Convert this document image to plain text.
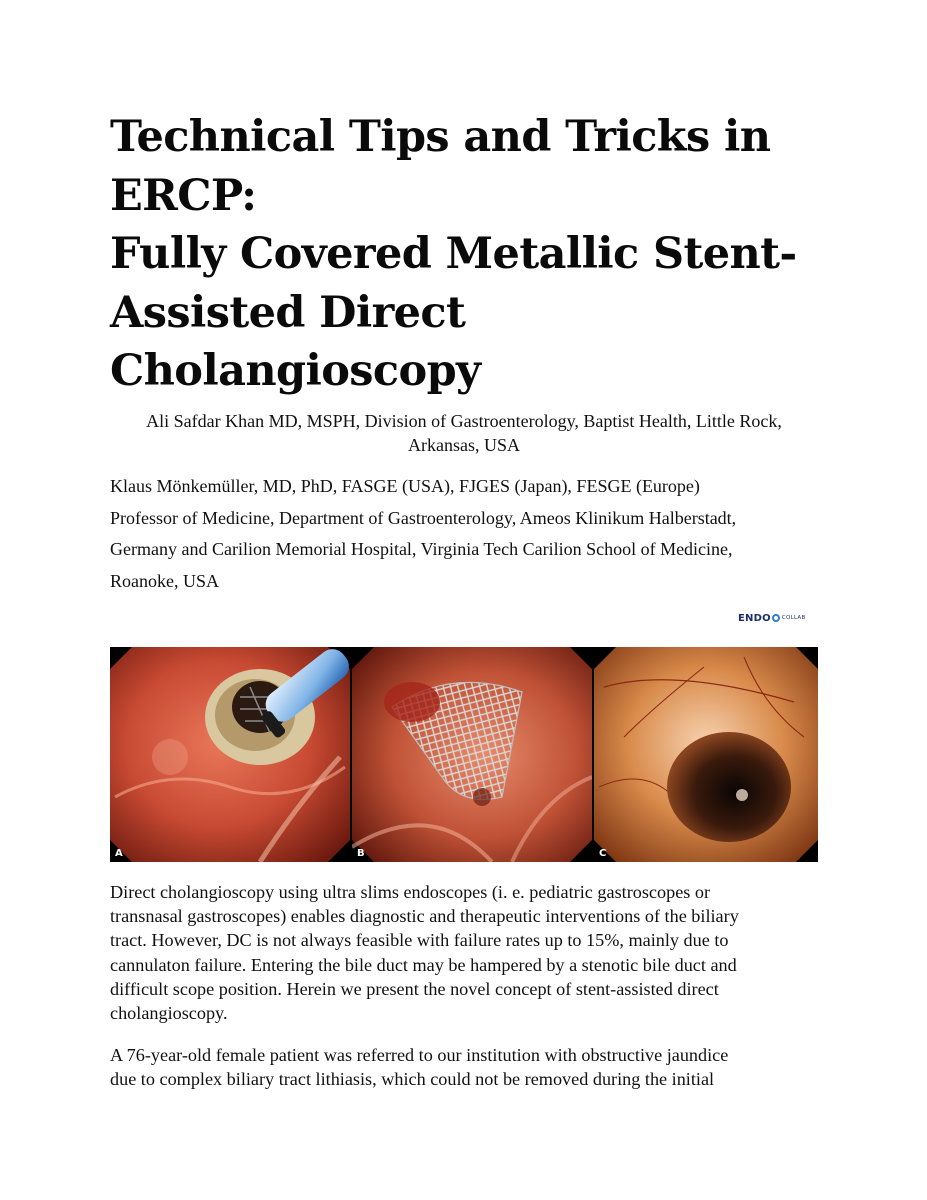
Technical Tips and Tricks in
ERCP:
Fully Covered Metallic Stent-
Assisted Direct
Cholangioscopy

Ali Safdar Khan MD, MSPH, Division of Gastroenterology, Baptist Health, Little Rock,
Arkansas, USA

Klaus Mönkemüller, MD, PhD, FASGE (USA), FJGES (Japan), FESGE (Europe)
Professor of Medicine, Department of Gastroenterology, Ameos Klinikum Halberstadt,
Germany and Carilion Memorial Hospital, Virginia Tech Carilion School of Medicine,
Roanoke, USA

ENDO COLLAB
A	B	C

Direct cholangioscopy using ultra slims endoscopes (i. e. pediatric gastroscopes or
transnasal gastroscopes) enables diagnostic and therapeutic interventions of the biliary
tract. However, DC is not always feasible with failure rates up to 15%, mainly due to
cannulaton failure. Entering the bile duct may be hampered by a stenotic bile duct and
difficult scope position. Herein we present the novel concept of stent-assisted direct
cholangioscopy.

A 76-year-old female patient was referred to our institution with obstructive jaundice
due to complex biliary tract lithiasis, which could not be removed during the initial
